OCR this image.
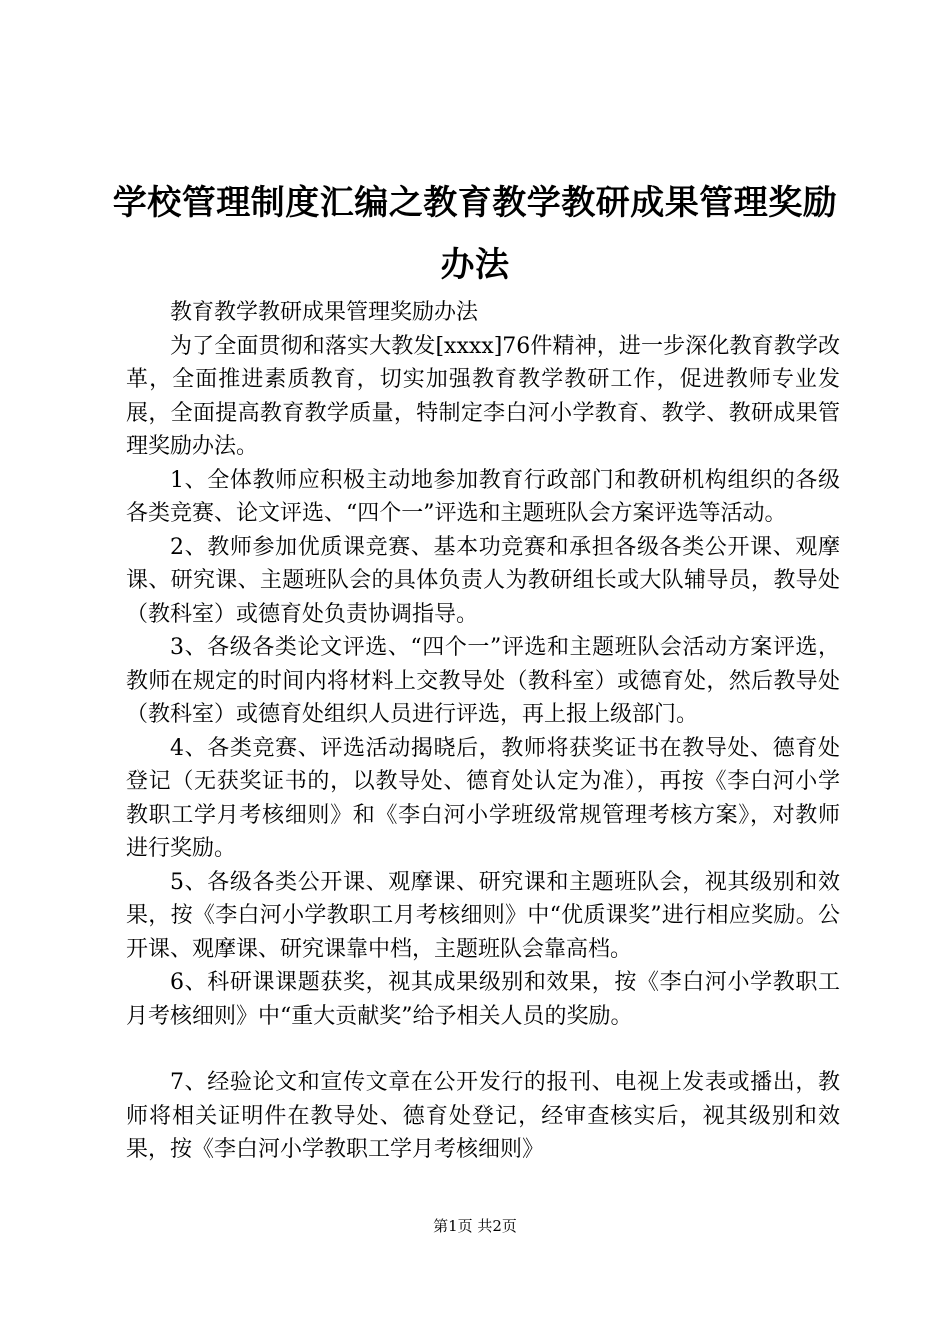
学校管理制度汇编之教育教学教研成果管理奖励办法

教育教学教研成果管理奖励办法

为了全面贯彻和落实大教发[xxxx]76件精神，进一步深化教育教学改革，全面推进素质教育，切实加强教育教学教研工作，促进教师专业发展，全面提高教育教学质量，特制定李白河小学教育、教学、教研成果管理奖励办法。

1、全体教师应积极主动地参加教育行政部门和教研机构组织的各级各类竞赛、论文评选、“四个一”评选和主题班队会方案评选等活动。

2、教师参加优质课竞赛、基本功竞赛和承担各级各类公开课、观摩课、研究课、主题班队会的具体负责人为教研组长或大队辅导员，教导处（教科室）或德育处负责协调指导。

3、各级各类论文评选、“四个一”评选和主题班队会活动方案评选，教师在规定的时间内将材料上交教导处（教科室）或德育处，然后教导处（教科室）或德育处组织人员进行评选，再上报上级部门。

4、各类竞赛、评选活动揭晓后，教师将获奖证书在教导处、德育处登记（无获奖证书的，以教导处、德育处认定为准），再按《李白河小学教职工学月考核细则》和《李白河小学班级常规管理考核方案》，对教师进行奖励。

5、各级各类公开课、观摩课、研究课和主题班队会，视其级别和效果，按《李白河小学教职工月考核细则》中“优质课奖”进行相应奖励。公开课、观摩课、研究课靠中档，主题班队会靠高档。

6、科研课课题获奖，视其成果级别和效果，按《李白河小学教职工月考核细则》中“重大贡献奖”给予相关人员的奖励。

7、经验论文和宣传文章在公开发行的报刊、电视上发表或播出，教师将相关证明件在教导处、德育处登记，经审查核实后，视其级别和效果，按《李白河小学教职工学月考核细则》

第1页 共2页
